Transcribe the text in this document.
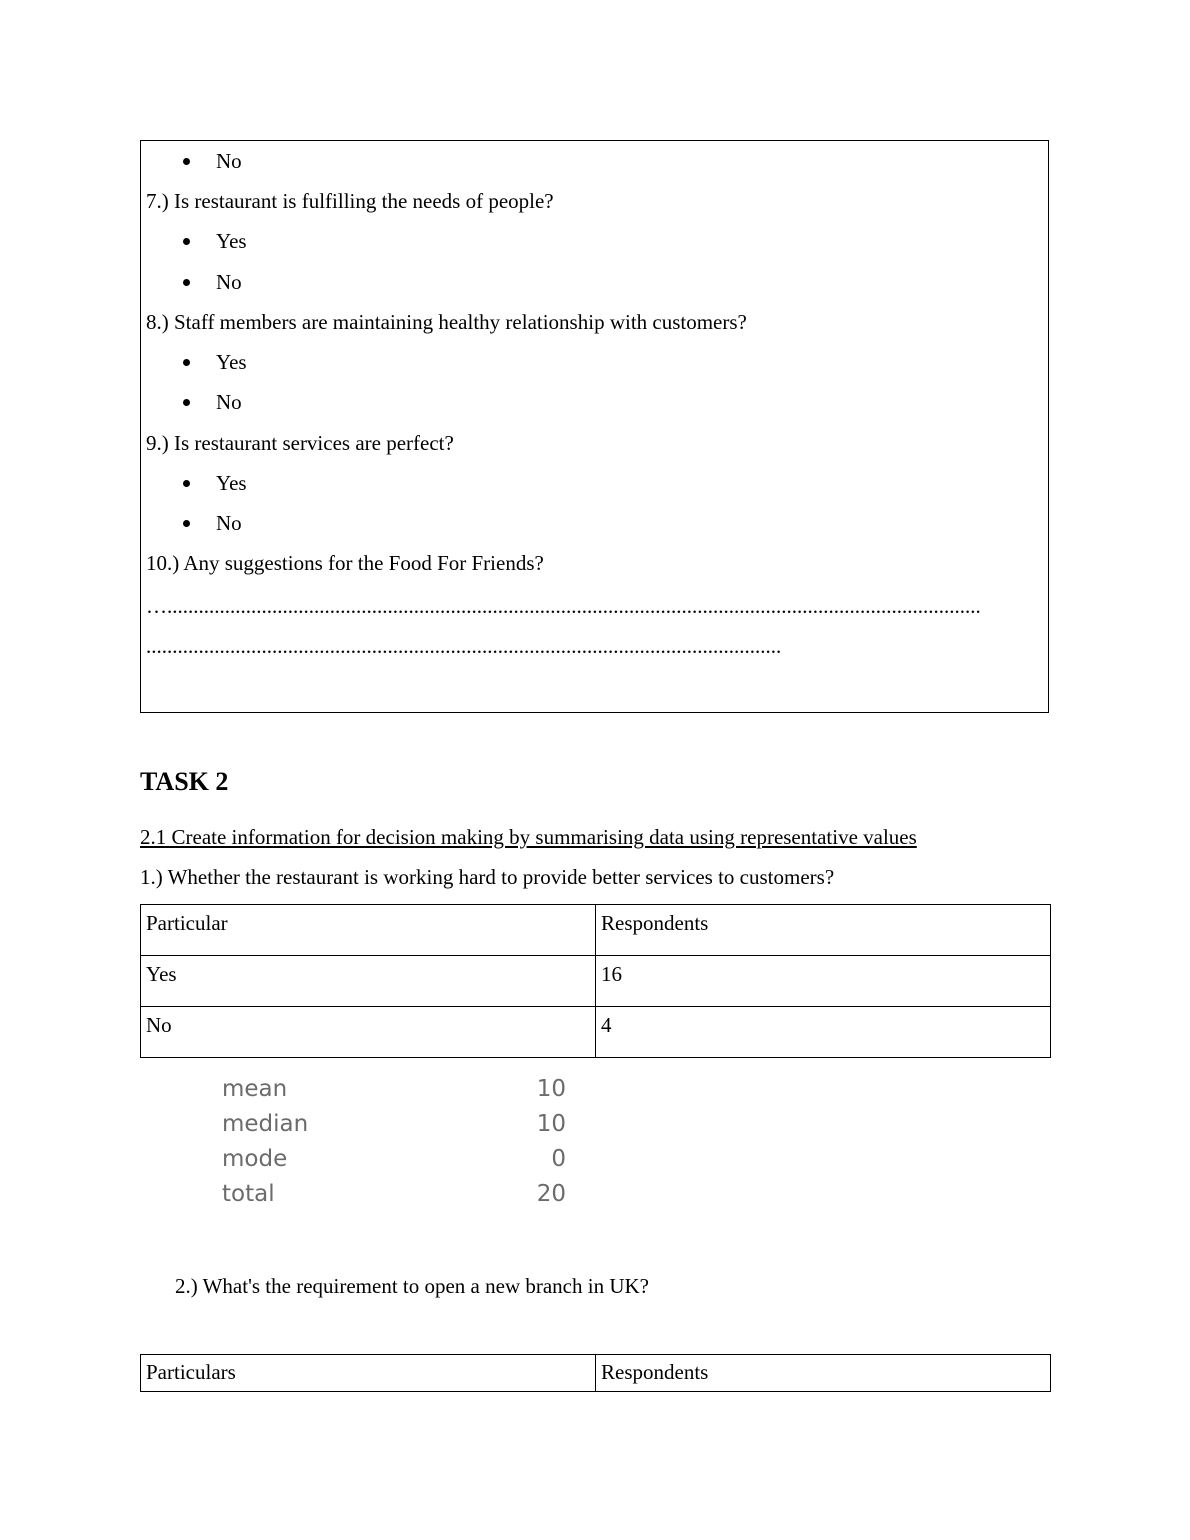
No
7.) Is restaurant is fulfilling the needs of people?
Yes
No
8.) Staff members are maintaining healthy relationship with customers?
Yes
No
9.) Is restaurant services are perfect?
Yes
No
10.) Any suggestions for the Food For Friends?
…...........................................................................................................................................................
.........................................................................................................................
TASK 2
2.1 Create information for decision making by summarising data using representative values
1.) Whether the restaurant is working hard to provide better services to customers?
Particular	Respondents
Yes	16
No	4
mean	10
median	10
mode	0
total	20
2.) What's the requirement to open a new branch in UK?
Particulars	Respondents
